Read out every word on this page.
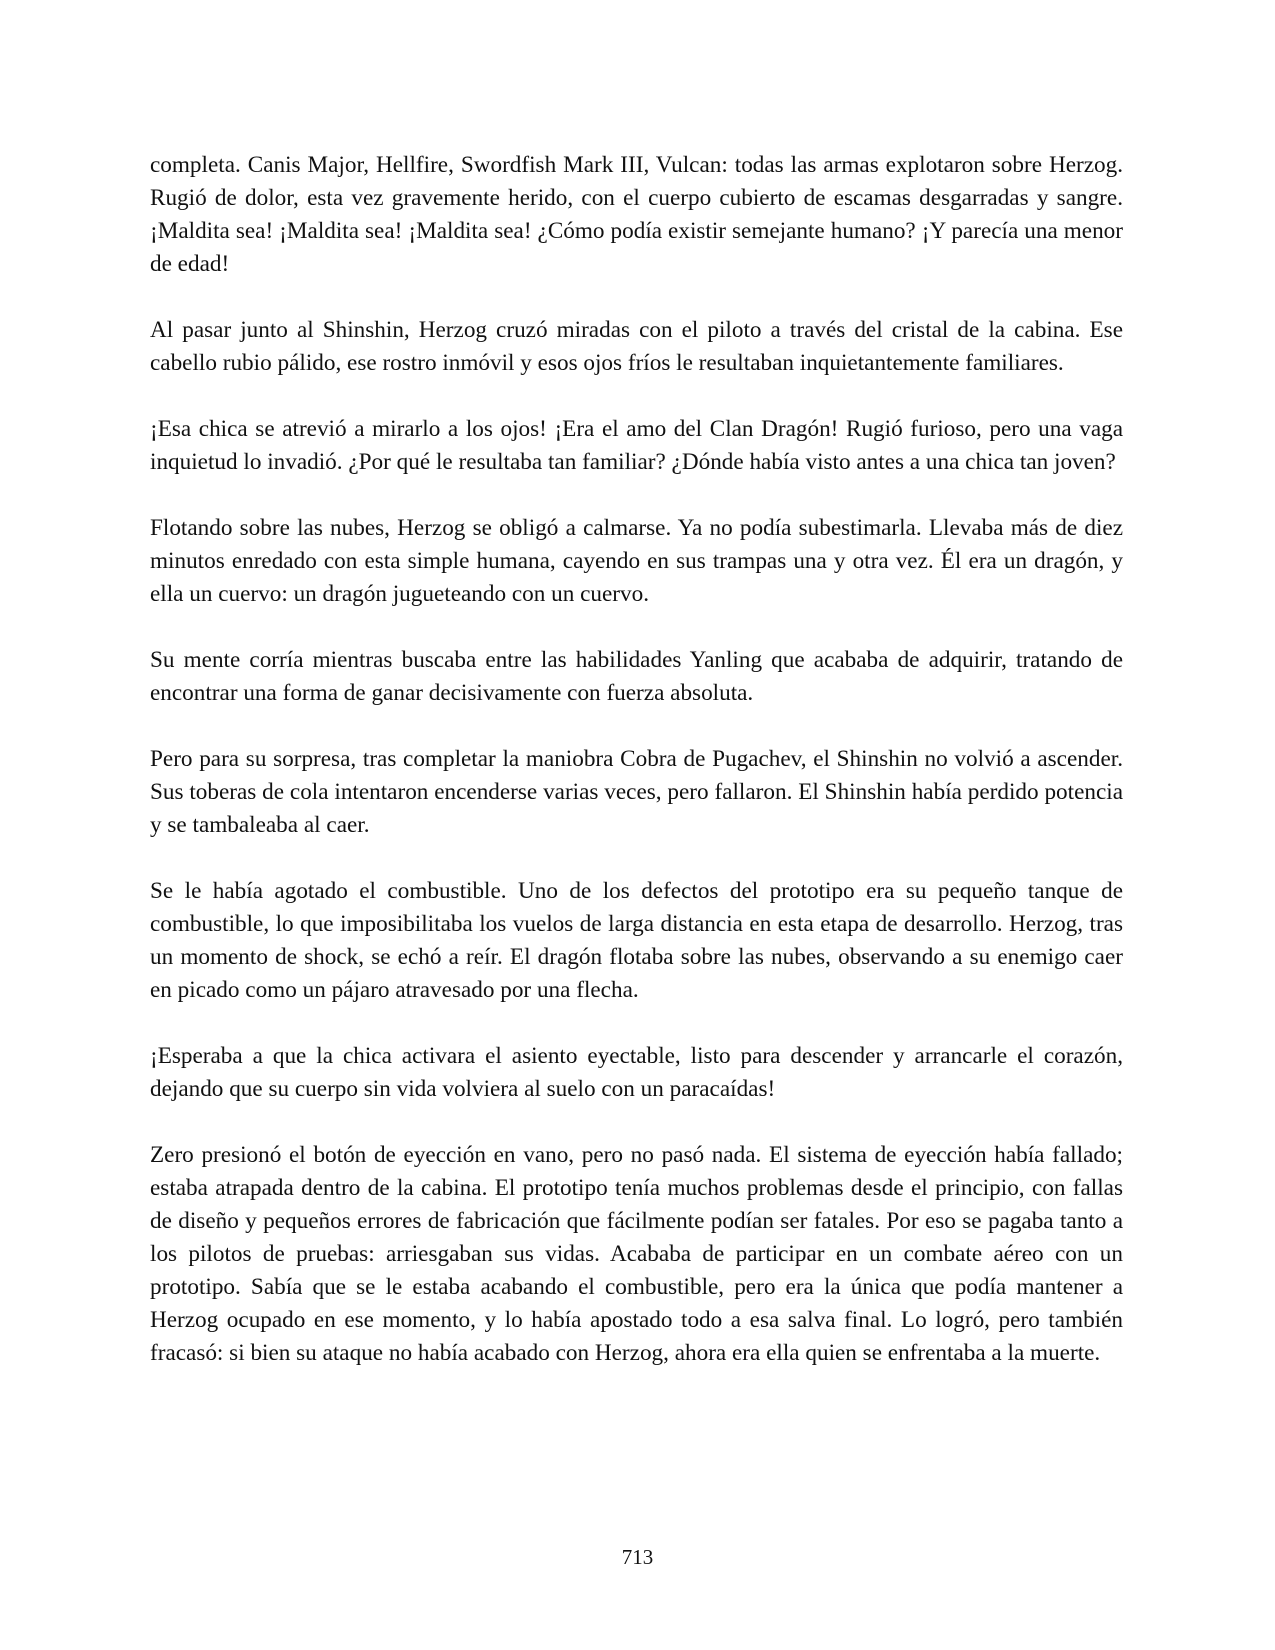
completa. Canis Major, Hellfire, Swordfish Mark III, Vulcan: todas las armas explotaron sobre Herzog. Rugió de dolor, esta vez gravemente herido, con el cuerpo cubierto de escamas desgarradas y sangre. ¡Maldita sea! ¡Maldita sea! ¡Maldita sea! ¿Cómo podía existir semejante humano? ¡Y parecía una menor de edad!

Al pasar junto al Shinshin, Herzog cruzó miradas con el piloto a través del cristal de la cabina. Ese cabello rubio pálido, ese rostro inmóvil y esos ojos fríos le resultaban inquietantemente familiares.

¡Esa chica se atrevió a mirarlo a los ojos! ¡Era el amo del Clan Dragón! Rugió furioso, pero una vaga inquietud lo invadió. ¿Por qué le resultaba tan familiar? ¿Dónde había visto antes a una chica tan joven?

Flotando sobre las nubes, Herzog se obligó a calmarse. Ya no podía subestimarla. Llevaba más de diez minutos enredado con esta simple humana, cayendo en sus trampas una y otra vez. Él era un dragón, y ella un cuervo: un dragón jugueteando con un cuervo.

Su mente corría mientras buscaba entre las habilidades Yanling que acababa de adquirir, tratando de encontrar una forma de ganar decisivamente con fuerza absoluta.

Pero para su sorpresa, tras completar la maniobra Cobra de Pugachev, el Shinshin no volvió a ascender. Sus toberas de cola intentaron encenderse varias veces, pero fallaron. El Shinshin había perdido potencia y se tambaleaba al caer.

Se le había agotado el combustible. Uno de los defectos del prototipo era su pequeño tanque de combustible, lo que imposibilitaba los vuelos de larga distancia en esta etapa de desarrollo. Herzog, tras un momento de shock, se echó a reír. El dragón flotaba sobre las nubes, observando a su enemigo caer en picado como un pájaro atravesado por una flecha.

¡Esperaba a que la chica activara el asiento eyectable, listo para descender y arrancarle el corazón, dejando que su cuerpo sin vida volviera al suelo con un paracaídas!

Zero presionó el botón de eyección en vano, pero no pasó nada. El sistema de eyección había fallado; estaba atrapada dentro de la cabina. El prototipo tenía muchos problemas desde el principio, con fallas de diseño y pequeños errores de fabricación que fácilmente podían ser fatales. Por eso se pagaba tanto a los pilotos de pruebas: arriesgaban sus vidas. Acababa de participar en un combate aéreo con un prototipo. Sabía que se le estaba acabando el combustible, pero era la única que podía mantener a Herzog ocupado en ese momento, y lo había apostado todo a esa salva final. Lo logró, pero también fracasó: si bien su ataque no había acabado con Herzog, ahora era ella quien se enfrentaba a la muerte.

713
